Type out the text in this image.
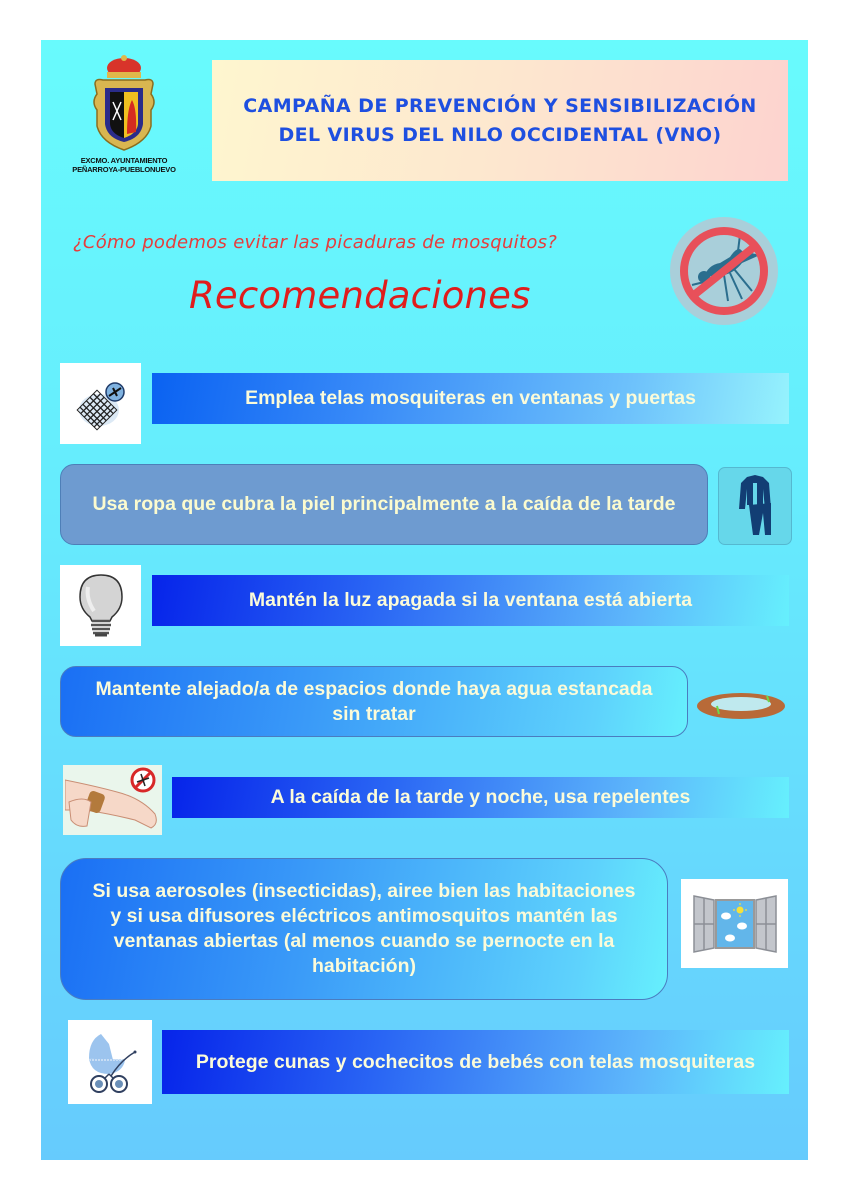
EXCMO. AYUNTAMIENTO
PEÑARROYA-PUEBLONUEVO
CAMPAÑA DE PREVENCIÓN Y SENSIBILIZACIÓN
DEL VIRUS DEL NILO OCCIDENTAL (VNO)
¿Cómo podemos evitar las picaduras de mosquitos?
Recomendaciones
Emplea telas mosquiteras en ventanas y puertas
Usa ropa que cubra la piel principalmente a la caída de la tarde
Mantén la luz apagada si la ventana está abierta
Mantente alejado/a de espacios donde haya agua estancada sin tratar
A la caída de la tarde y noche, usa repelentes
Si usa aerosoles (insecticidas), airee bien las habitaciones y si usa difusores eléctricos antimosquitos mantén las ventanas abiertas (al menos cuando se pernocte en la habitación)
Protege cunas y cochecitos de bebés con telas mosquiteras
